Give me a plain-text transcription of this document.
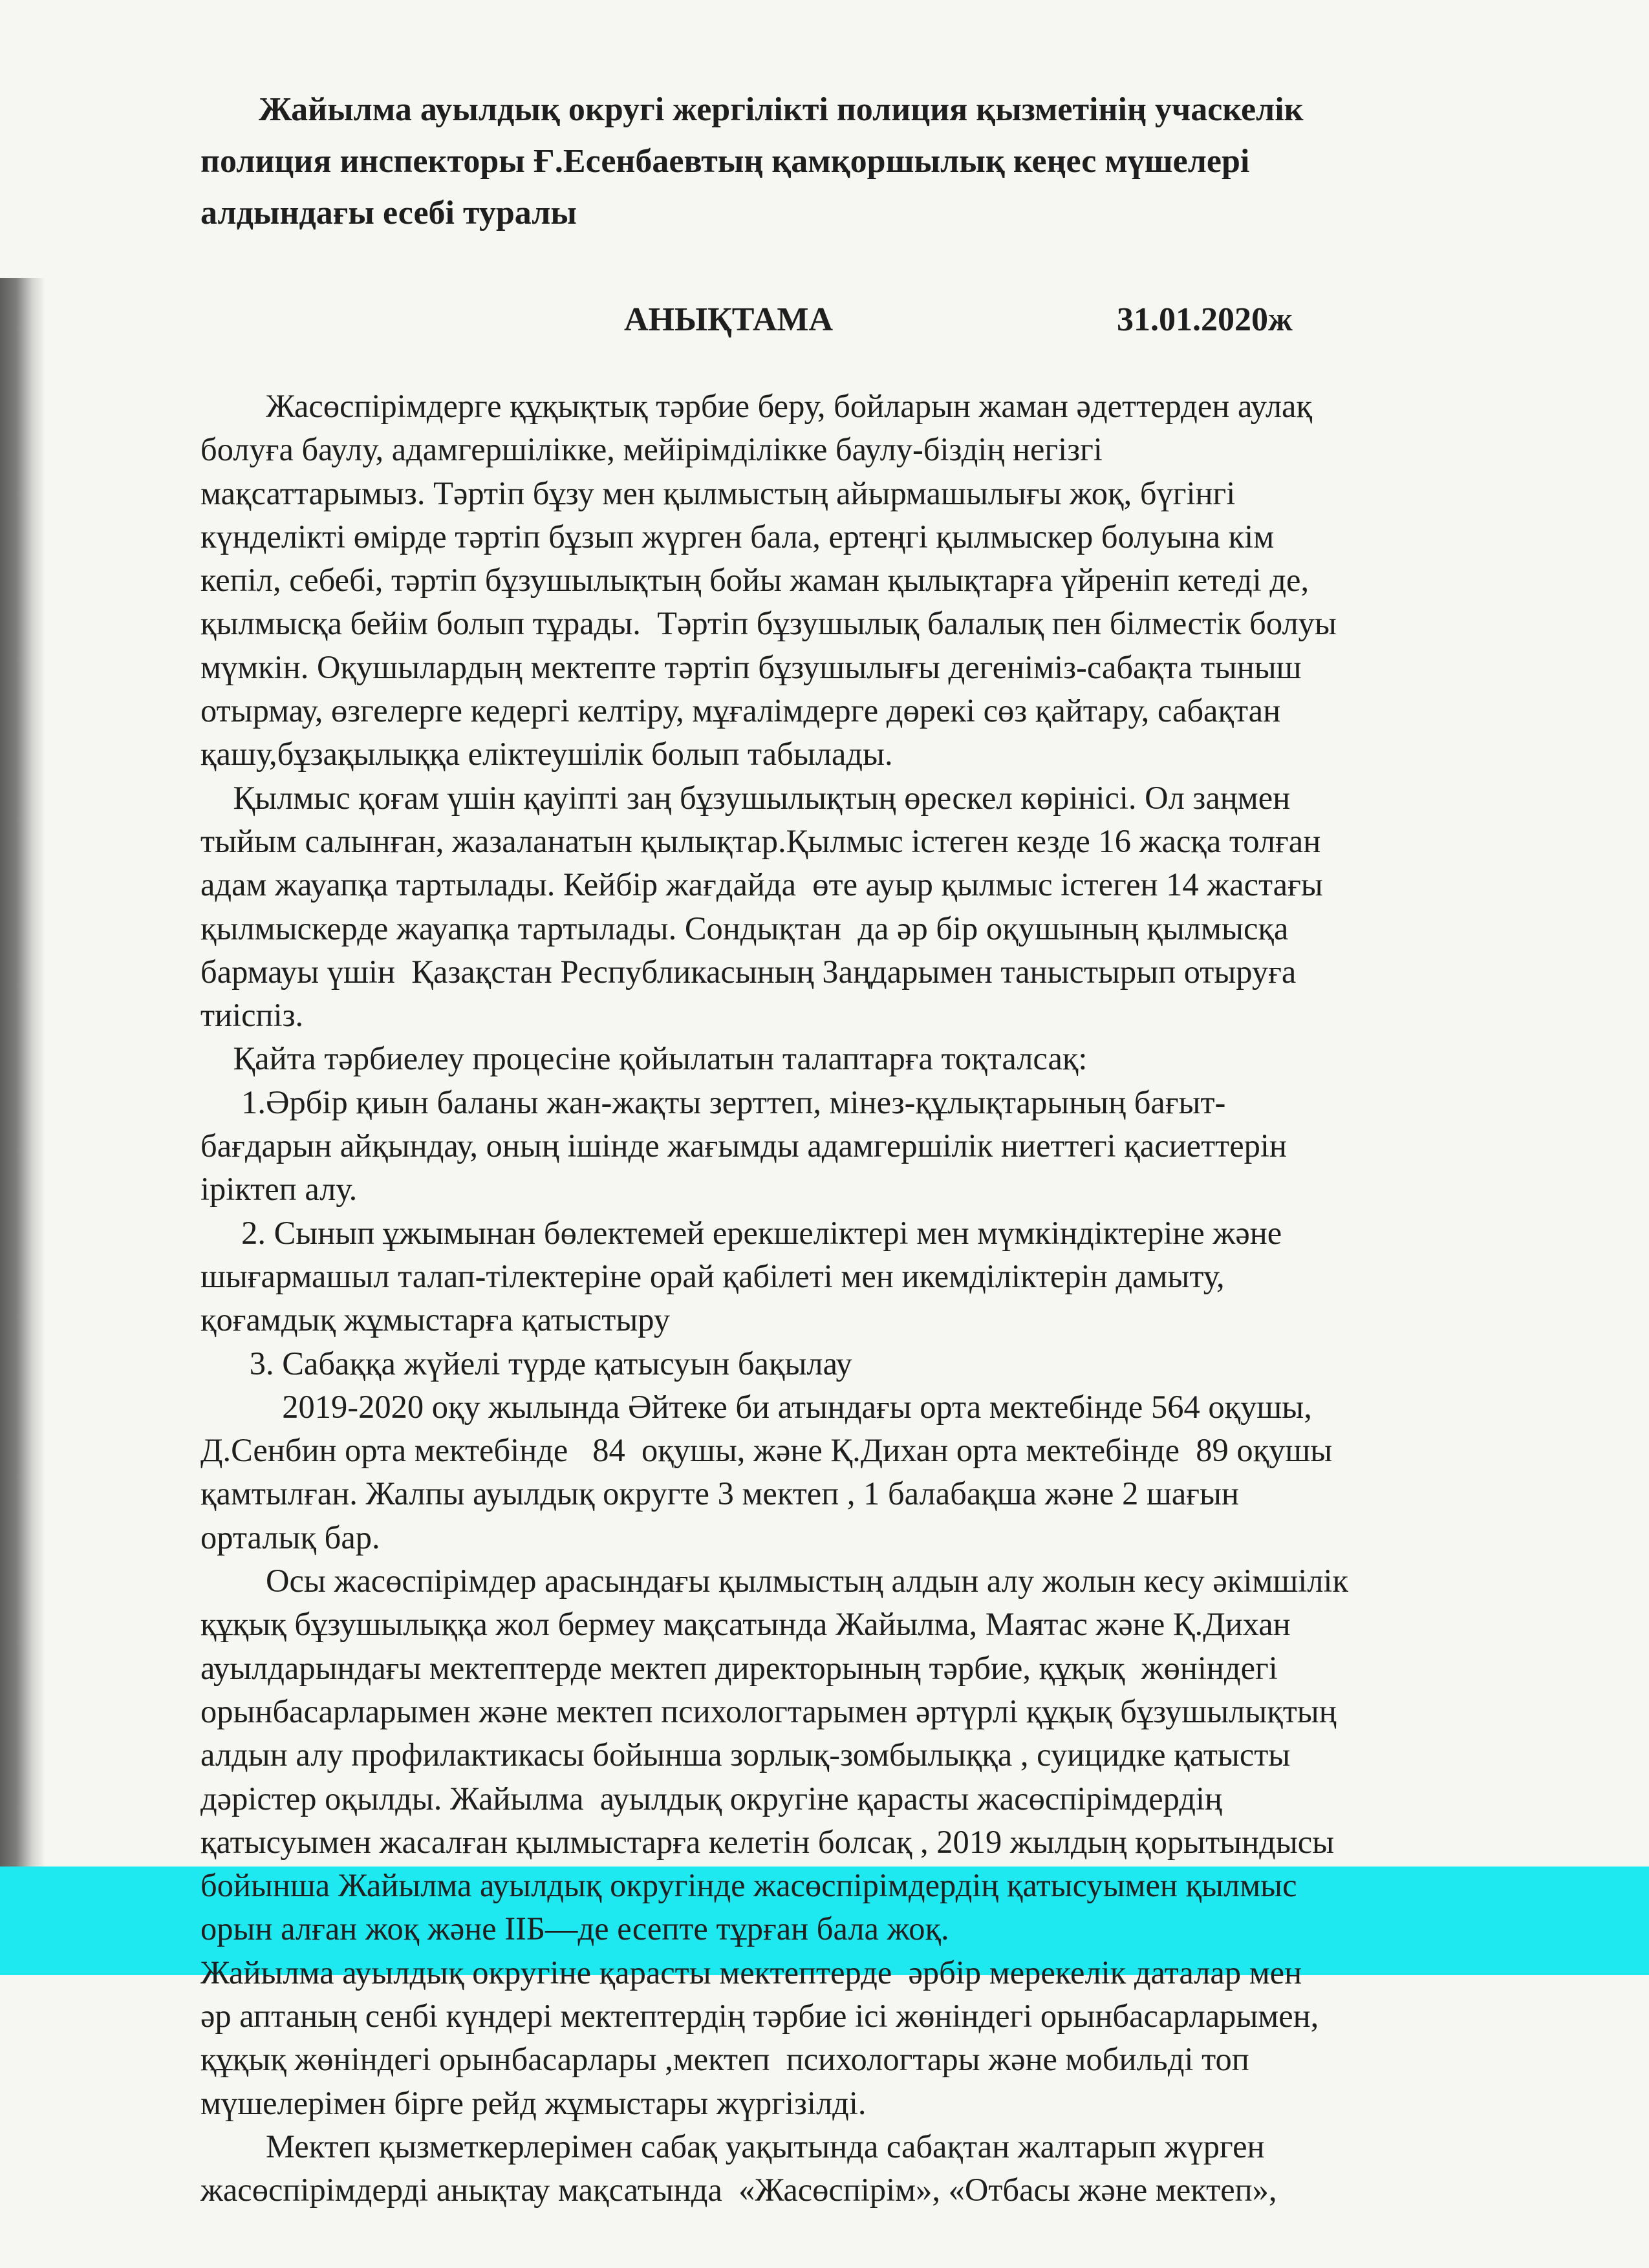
Жайылма ауылдық округі жергілікті полиция қызметінің учаскелік
полиция инспекторы Ғ.Есенбаевтың қамқоршылық кеңес мүшелері
алдындағы есебі туралы
АНЫҚТАМА	31.01.2020ж

Жасөспірімдерге құқықтық тәрбие беру, бойларын жаман әдеттерден аулақ

болуға баулу, адамгершілікке, мейірімділікке баулу-біздің негізгі

мақсаттарымыз. Тәртіп бұзу мен қылмыстың айырмашылығы жоқ, бүгінгі

күнделікті өмірде тәртіп бұзып жүрген бала, ертеңгі қылмыскер болуына кім

кепіл, себебі, тәртіп бұзушылықтың бойы жаман қылықтарға үйреніп кетеді де,

қылмысқа бейім болып тұрады.  Тәртіп бұзушылық балалық пен білместік болуы

мүмкін. Оқушылардың мектепте тәртіп бұзушылығы дегеніміз-сабақта тыныш

отырмау, өзгелерге кедергі келтіру, мұғалімдерге дөрекі сөз қайтару, сабақтан

қашу,бұзақылыққа еліктеушілік болып табылады.

Қылмыс қоғам үшін қауіпті заң бұзушылықтың өрескел көрінісі. Ол заңмен

тыйым салынған, жазаланатын қылықтар.Қылмыс істеген кезде 16 жасқа толған

адам жауапқа тартылады. Кейбір жағдайда  өте ауыр қылмыс істеген 14 жастағы

қылмыскерде жауапқа тартылады. Сондықтан  да әр бір оқушының қылмысқа

бармауы үшін  Қазақстан Республикасының Заңдарымен таныстырып отыруға

тиіспіз.

Қайта тәрбиелеу процесіне қойылатын талаптарға тоқталсақ:

1.Әрбір қиын баланы жан-жақты зерттеп, мінез-құлықтарының бағыт-

бағдарын айқындау, оның ішінде жағымды адамгершілік ниеттегі қасиеттерін

іріктеп алу.

2. Сынып ұжымынан бөлектемей ерекшеліктері мен мүмкіндіктеріне және

шығармашыл талап-тілектеріне орай қабілеті мен икемділіктерін дамыту,

қоғамдық жұмыстарға қатыстыру

3. Сабаққа жүйелі түрде қатысуын бақылау

2019-2020 оқу жылында Әйтеке би атындағы орта мектебінде 564 оқушы,

Д.Сенбин орта мектебінде   84  оқушы, және Қ.Дихан орта мектебінде  89 оқушы

қамтылған. Жалпы ауылдық округте 3 мектеп , 1 балабақша және 2 шағын

орталық бар.

Осы жасөспірімдер арасындағы қылмыстың алдын алу жолын кесу әкімшілік

құқық бұзушылыққа жол бермеу мақсатында Жайылма, Маятас және Қ.Дихан

ауылдарындағы мектептерде мектеп директорының тәрбие, құқық  жөніндегі

орынбасарларымен және мектеп психологтарымен әртүрлі құқық бұзушылықтың

алдын алу профилактикасы бойынша зорлық-зомбылыққа , суицидке қатысты

дәрістер оқылды. Жайылма  ауылдық округіне қарасты жасөспірімдердің

қатысуымен жасалған қылмыстарға келетін болсақ , 2019 жылдың қорытындысы

бойынша Жайылма ауылдық округінде жасөспірімдердің қатысуымен қылмыс

орын алған жоқ және ІІБ—де есепте тұрған бала жоқ.

Жайылма ауылдық округіне қарасты мектептерде  әрбір мерекелік даталар мен

әр аптаның сенбі күндері мектептердің тәрбие ісі жөніндегі орынбасарларымен,

құқық жөніндегі орынбасарлары ,мектеп  психологтары және мобильді топ

мүшелерімен бірге рейд жұмыстары жүргізілді.

Мектеп қызметкерлерімен сабақ уақытында сабақтан жалтарып жүрген

жасөспірімдерді анықтау мақсатында  «Жасөспірім», «Отбасы және мектеп»,
